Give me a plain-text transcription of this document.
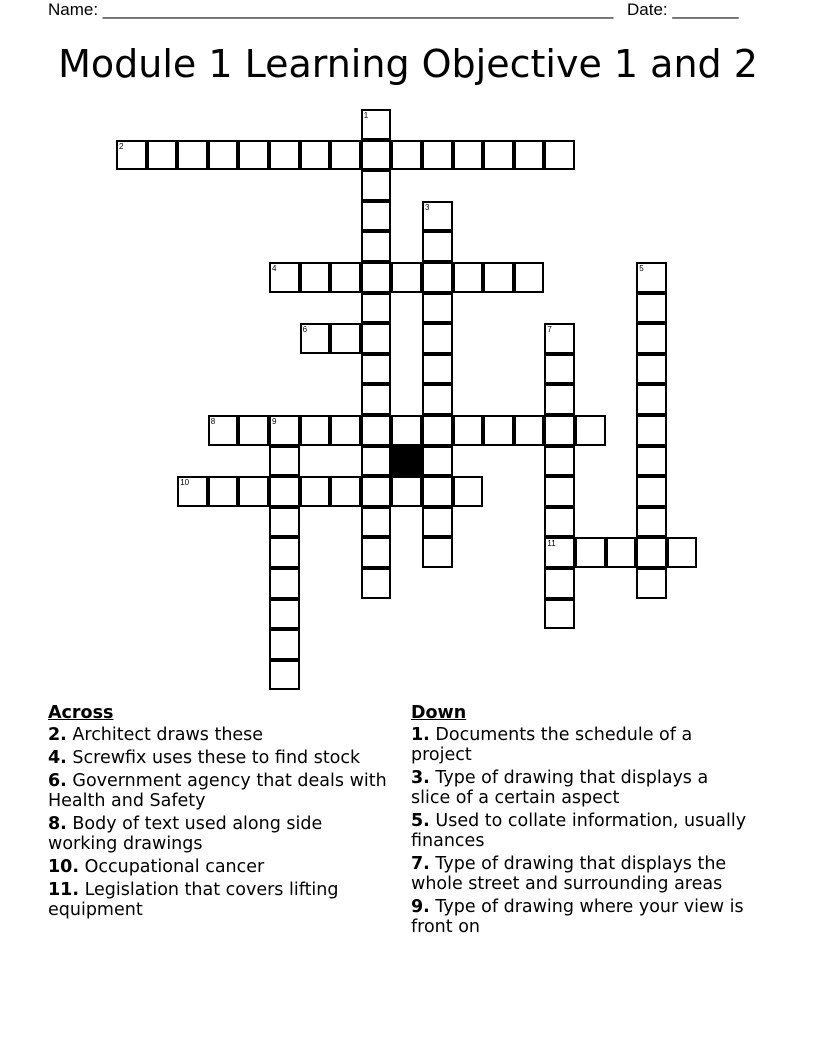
Name: ______________________________________________________ Date: _______
Module 1 Learning Objective 1 and 2
1
2
3
4	5
6	7
11
8	9
10
Across
2. Architect draws these
4. Screwfix uses these to find stock
6. Government agency that deals with Health and Safety
8. Body of text used along side working drawings
10. Occupational cancer
11. Legislation that covers lifting equipment
Down
1. Documents the schedule of a project
3. Type of drawing that displays a slice of a certain aspect
5. Used to collate information, usually finances
7. Type of drawing that displays the whole street and surrounding areas
9. Type of drawing where your view is front on
